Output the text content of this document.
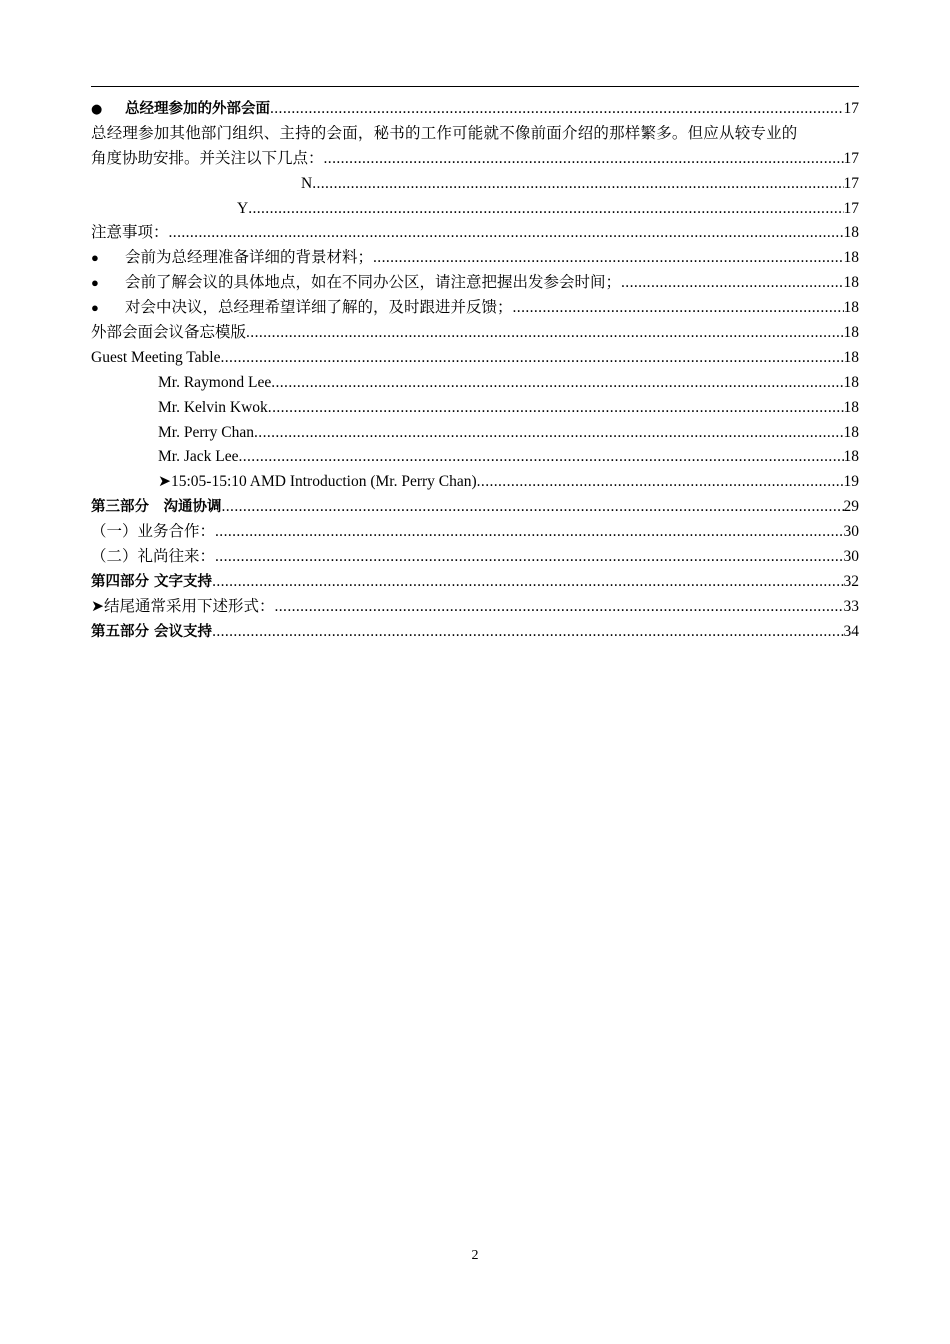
● 总经理参加的外部会面 .....	17
总经理参加其他部门组织、主持的会面，秘书的工作可能就不像前面介绍的那样繁多。但应从较专业的
角度协助安排。并关注以下几点： .....	17
N .....	17
Y .....	17
注意事项： .....	18
● 会前为总经理准备详细的背景材料； .....	18
● 会前了解会议的具体地点，如在不同办公区，请注意把握出发参会时间； .....	18
● 对会中决议，总经理希望详细了解的，及时跟进并反馈； .....	18
外部会面会议备忘模版 .....	18
Guest Meeting Table .....	18
Mr. Raymond Lee .....	18
Mr. Kelvin Kwok .....	18
Mr. Perry Chan .....	18
Mr. Jack Lee .....	18
➤15:05-15:10 AMD Introduction (Mr. Perry Chan) .....	19
第三部分　沟通协调 .....	29
（一）业务合作： .....	30
（二）礼尚往来： .....	30
第四部分 文字支持 .....	32
➤结尾通常采用下述形式： .....	33
第五部分 会议支持 .....	34
2
